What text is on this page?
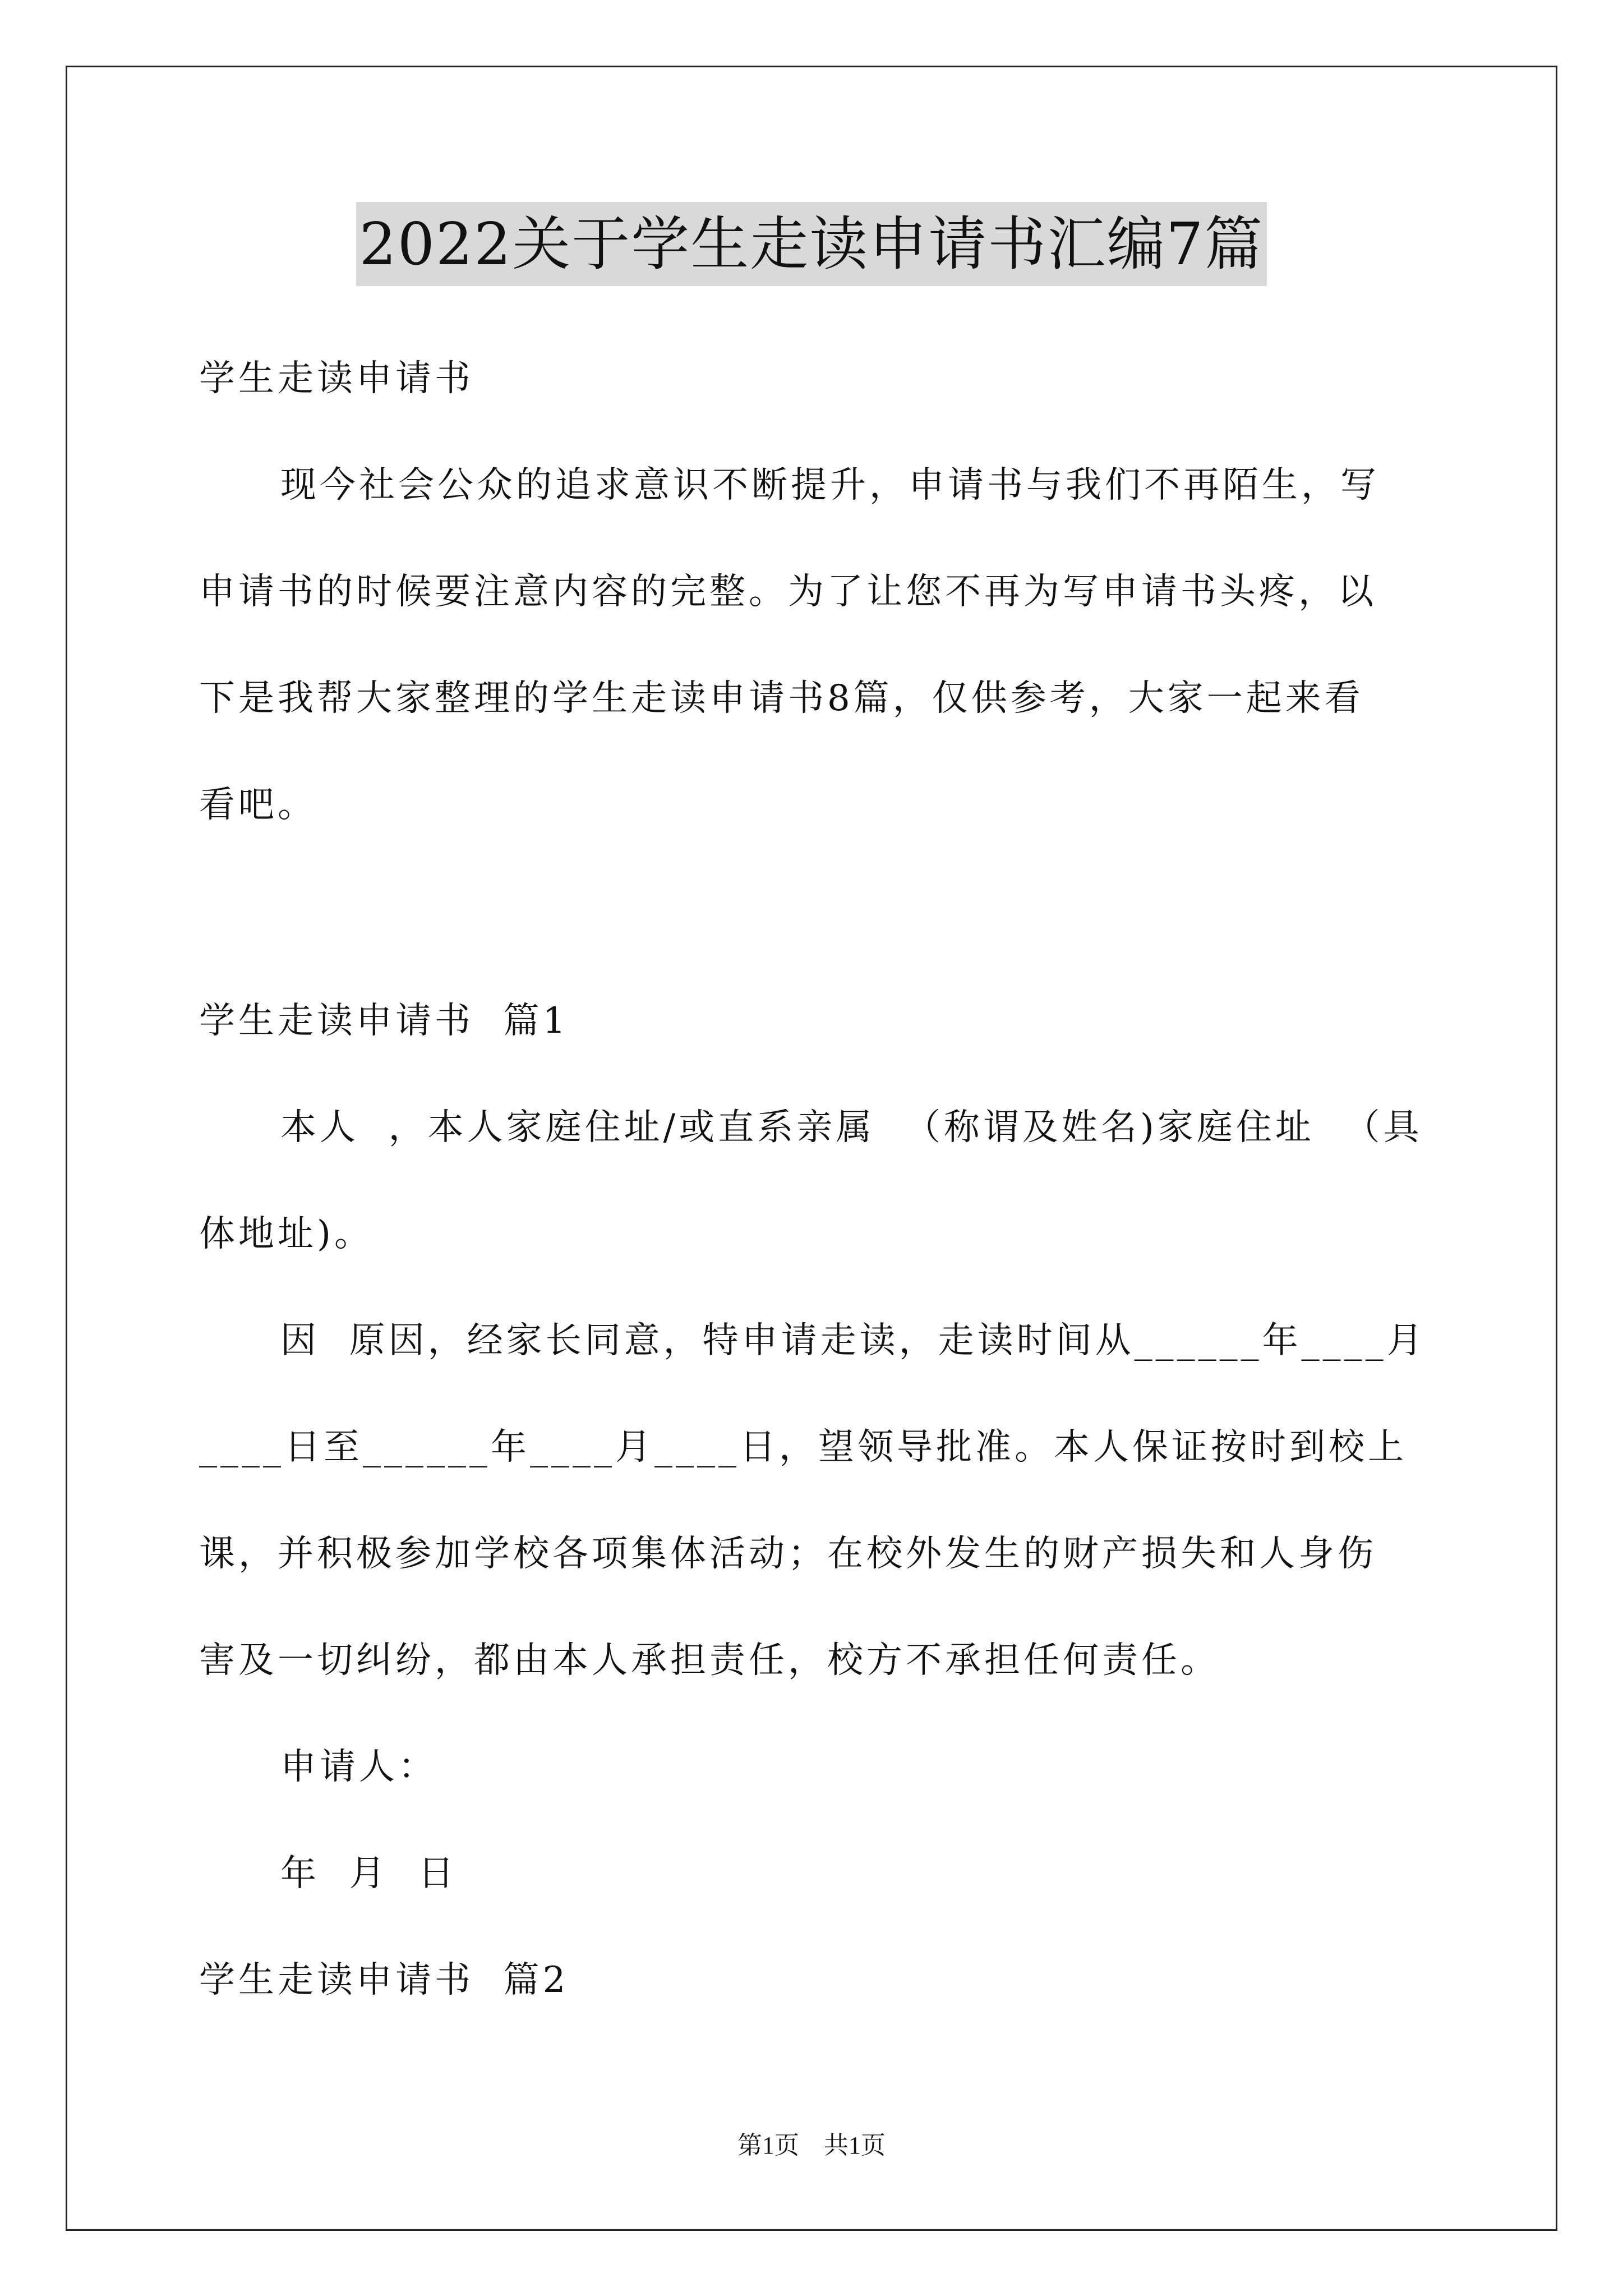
2022关于学生走读申请书汇编7篇
学生走读申请书
现今社会公众的追求意识不断提升，申请书与我们不再陌生，写
申请书的时候要注意内容的完整。为了让您不再为写申请书头疼，以
下是我帮大家整理的学生走读申请书8篇，仅供参考，大家一起来看
看吧。
学生走读申请书  篇1
本人  ，本人家庭住址/或直系亲属  （称谓及姓名)家庭住址  （具
体地址)。
因  原因，经家长同意，特申请走读，走读时间从______年____月
____日至______年____月____日，望领导批准。本人保证按时到校上
课，并积极参加学校各项集体活动；在校外发生的财产损失和人身伤
害及一切纠纷，都由本人承担责任，校方不承担任何责任。
申请人：
年  月  日
学生走读申请书  篇2
第1页    共1页
